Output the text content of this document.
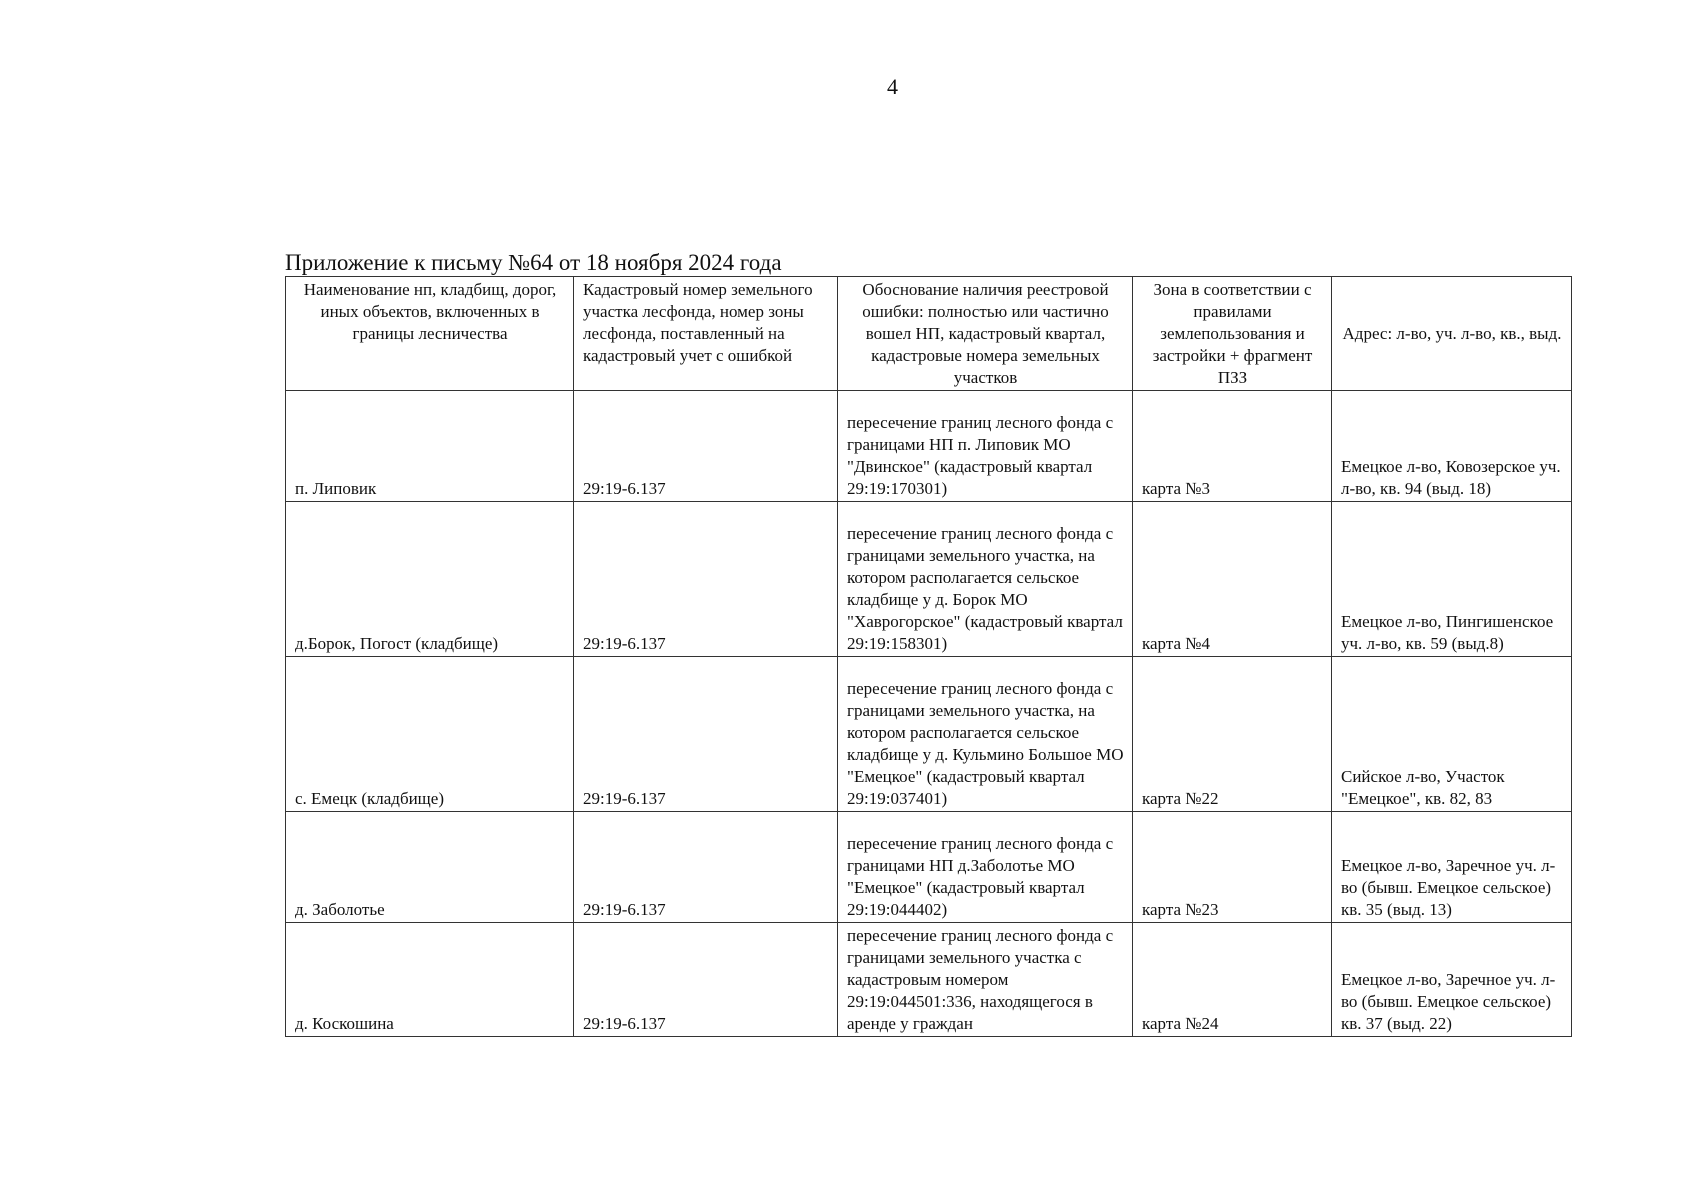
4
Приложение к письму №64 от 18 ноября 2024 года
Наименование нп, кладбищ, дорог, иных объектов, включенных в границы лесничества	Кадастровый номер земельного участка лесфонда, номер зоны лесфонда, поставленный на кадастровый учет с ошибкой	Обоснование наличия реестровой ошибки: полностью или частично вошел НП, кадастровый квартал, кадастровые номера земельных участков	Зона в соответствии с правилами землепользования и застройки + фрагмент ПЗЗ	Адрес: л-во, уч. л-во, кв., выд.
п. Липовик	29:19-6.137	пересечение границ лесного фонда с границами НП п. Липовик МО "Двинское" (кадастровый квартал 29:19:170301)	карта №3	Емецкое л-во, Ковозерское уч. л-во, кв. 94 (выд. 18)
д.Борок, Погост (кладбище)	29:19-6.137	пересечение границ лесного фонда с границами земельного участка, на котором располагается сельское кладбище у д. Борок МО "Хаврогорское" (кадастровый квартал 29:19:158301)	карта №4	Емецкое л-во, Пингишенское уч. л-во, кв. 59 (выд.8)
с. Емецк (кладбище)	29:19-6.137	пересечение границ лесного фонда с границами земельного участка, на котором располагается сельское кладбище у д. Кульмино Большое МО "Емецкое" (кадастровый квартал 29:19:037401)	карта №22	Сийское л-во, Участок "Емецкое", кв. 82, 83
д. Заболотье	29:19-6.137	пересечение границ лесного фонда с границами НП д.Заболотье МО "Емецкое" (кадастровый квартал 29:19:044402)	карта №23	Емецкое л-во, Заречное уч. л-во (бывш. Емецкое сельское) кв. 35 (выд. 13)
д. Коскошина	29:19-6.137	пересечение границ лесного фонда с границами земельного участка с кадастровым номером 29:19:044501:336, находящегося в аренде у граждан	карта №24	Емецкое л-во, Заречное уч. л-во (бывш. Емецкое сельское) кв. 37 (выд. 22)
